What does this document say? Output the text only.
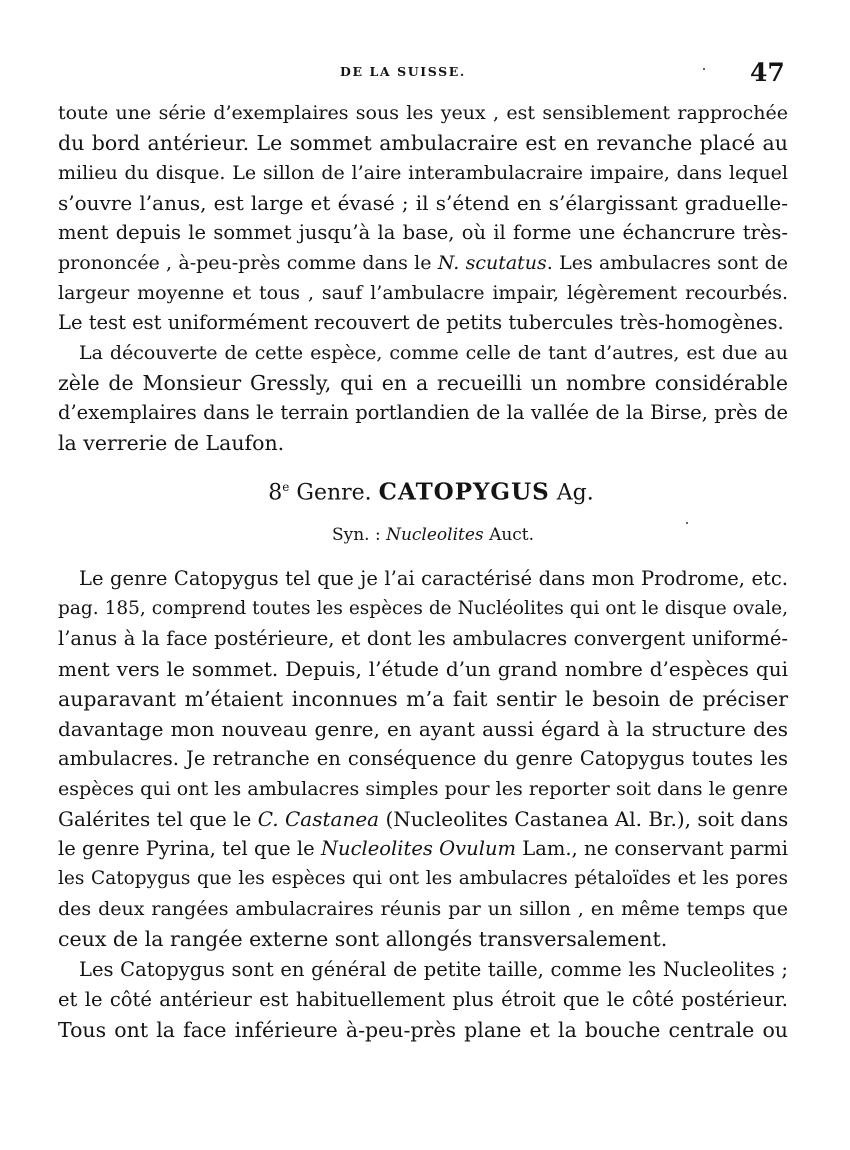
DE LA SUISSE.	47
toute une série d’exemplaires sous les yeux , est sensiblement rapprochée
du bord antérieur. Le sommet ambulacraire est en revanche placé au
milieu du disque. Le sillon de l’aire interambulacraire impaire, dans lequel
s’ouvre l’anus, est large et évasé ; il s’étend en s’élargissant graduelle-
ment depuis le sommet jusqu’à la base, où il forme une échancrure très-
prononcée , à-peu-près comme dans le N. scutatus. Les ambulacres sont de
largeur moyenne et tous , sauf l’ambulacre impair, légèrement recourbés.
Le test est uniformément recouvert de petits tubercules très-homogènes.
La découverte de cette espèce, comme celle de tant d’autres, est due au
zèle de Monsieur Gressly, qui en a recueilli un nombre considérable
d’exemplaires dans le terrain portlandien de la vallée de la Birse, près de
la verrerie de Laufon.
8e Genre. CATOPYGUS Ag.
Syn. : Nucleolites Auct.
Le genre Catopygus tel que je l’ai caractérisé dans mon Prodrome, etc.
pag. 185, comprend toutes les espèces de Nucléolites qui ont le disque ovale,
l’anus à la face postérieure, et dont les ambulacres convergent uniformé-
ment vers le sommet. Depuis, l’étude d’un grand nombre d’espèces qui
auparavant m’étaient inconnues m’a fait sentir le besoin de préciser
davantage mon nouveau genre, en ayant aussi égard à la structure des
ambulacres. Je retranche en conséquence du genre Catopygus toutes les
espèces qui ont les ambulacres simples pour les reporter soit dans le genre
Galérites tel que le C. Castanea (Nucleolites Castanea Al. Br.), soit dans
le genre Pyrina, tel que le Nucleolites Ovulum Lam., ne conservant parmi
les Catopygus que les espèces qui ont les ambulacres pétaloïdes et les pores
des deux rangées ambulacraires réunis par un sillon , en même temps que
ceux de la rangée externe sont allongés transversalement.
Les Catopygus sont en général de petite taille, comme les Nucleolites ;
et le côté antérieur est habituellement plus étroit que le côté postérieur.
Tous ont la face inférieure à-peu-près plane et la bouche centrale ou
